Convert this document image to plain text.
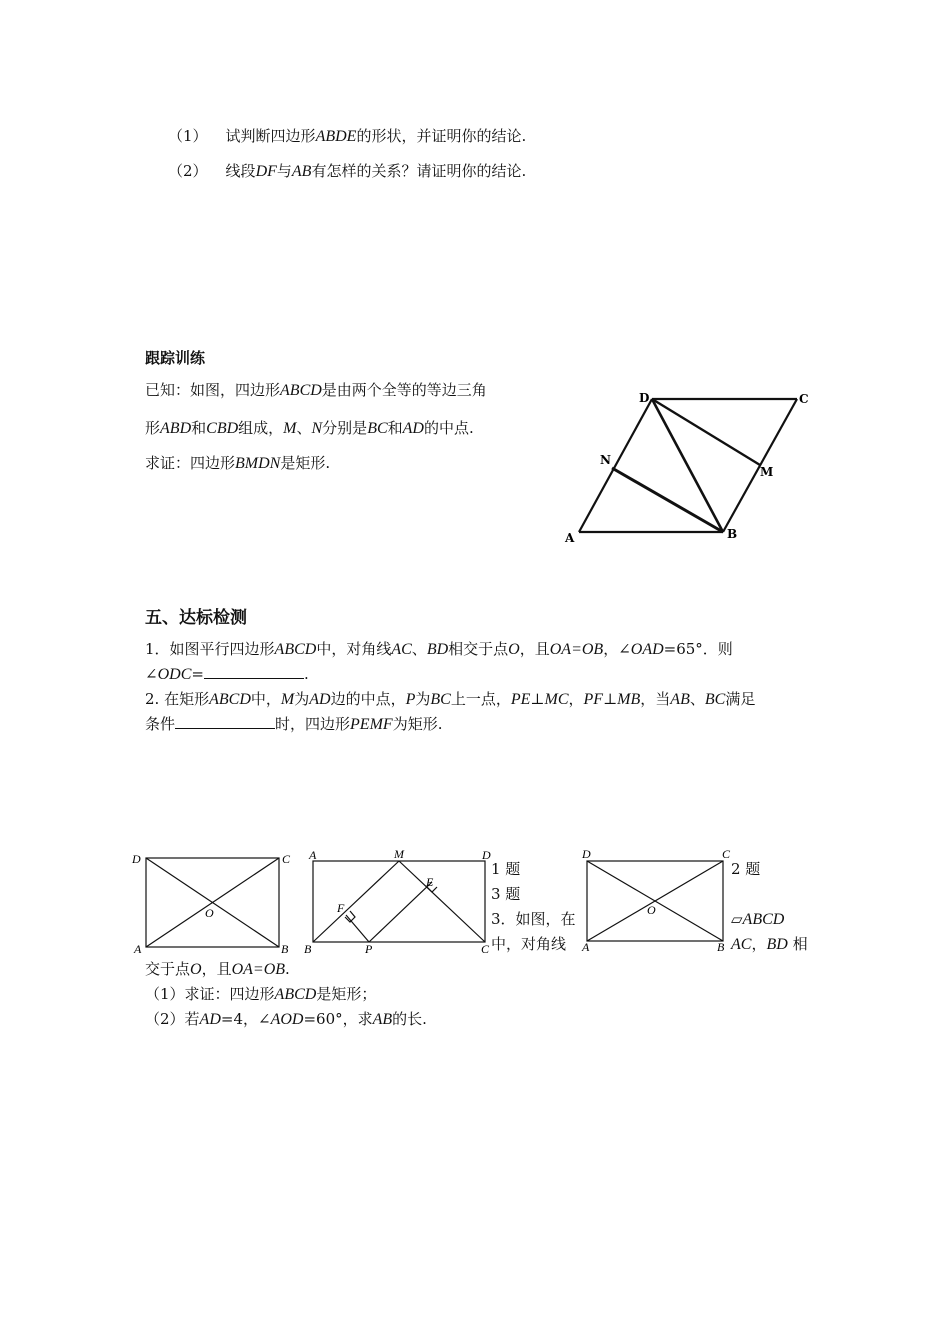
（1） 试判断四边形ABDE的形状，并证明你的结论.
（2） 线段DF与AB有怎样的关系？请证明你的结论.
跟踪训练
已知：如图，四边形ABCD是由两个全等的等边三角
形ABD和CBD组成，M、N分别是BC和AD的中点.
求证：四边形BMDN是矩形.
A	B
C
D
M
N
五、达标检测
1．如图平行四边形ABCD中，对角线AC、BD相交于点O，且OA=OB，∠OAD=65°．则
∠ODC=	.
2. 在矩形ABCD中，M为AD边的中点，P为BC上一点，PE⊥MC，PF⊥MB，当AB、BC满足
条件	时，四边形PEMF为矩形.
D	C
A	B
O
A	M	D
E
F
B	P	C
1 题
3 题
3．如图，在
中，对角线
D	C
A	B
O
2 题
▱ABCD
AC，BD 相
交于点O，且OA=OB.
（1）求证：四边形ABCD是矩形；
（2）若AD=4，∠AOD=60°，求AB的长.
